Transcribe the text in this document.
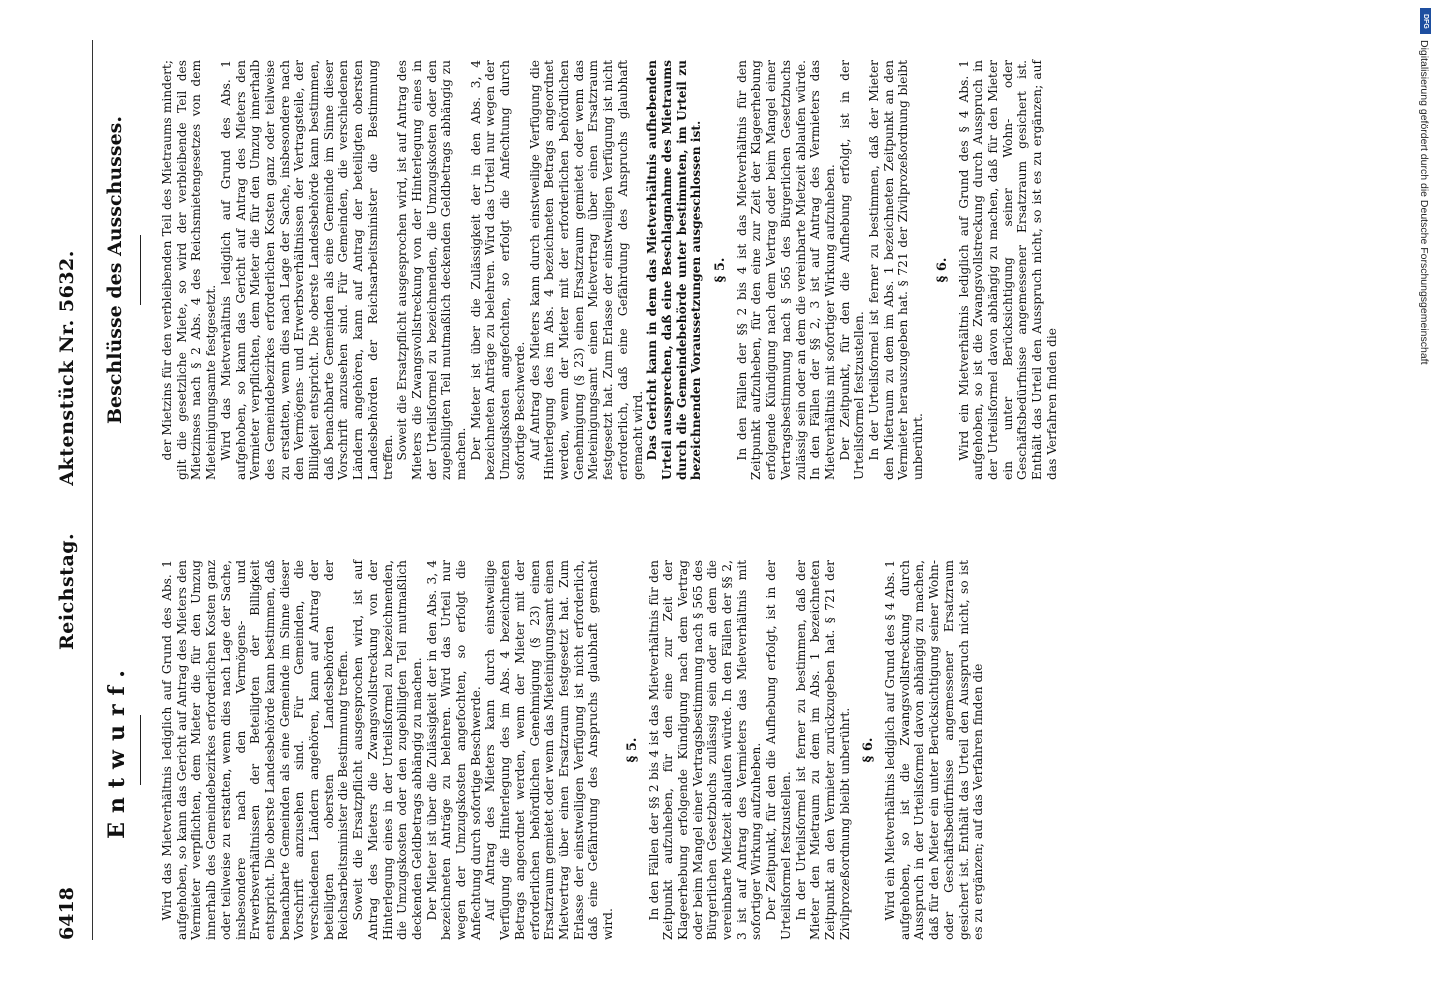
6418
Reichstag. Aktenstück Nr. 5632.
Entwurf. Wird das Mietverhältnis lediglich auf Grund des Abs. 1 aufgehoben, so kann das Gericht auf Antrag des Mieters den Vermieter verpflichten, dem Mieter die für den Umzug innerhalb des Gemeindebezirkes erforderlichen Kosten ganz oder teilweise zu erstatten, wenn dies nach Lage der Sache, insbesondere nach den Vermögens- und Erwerbsverhältnissen der Beteiligten der Billigkeit entspricht. Die oberste Landesbehörde kann bestimmen, daß benachbarte Gemeinden als eine Gemeinde im Sinne dieser Vorschrift anzusehen sind. Für Gemeinden, die verschiedenen Ländern angehören, kann auf Antrag der beteiligten obersten Landesbehörden der Reichsarbeitsminister die Bestimmung treffen. Soweit die Ersatzpflicht ausgesprochen wird, ist auf Antrag des Mieters die Zwangsvollstreckung von der Hinterlegung eines in der Urteilsformel zu bezeichnenden, die Umzugskosten oder den zugebilligten Teil mutmaßlich deckenden Geldbetrags abhängig zu machen. Der Mieter ist über die Zulässigkeit der in den Abs. 3, 4 bezeichneten Anträge zu belehren. Wird das Urteil nur wegen der Umzugskosten angefochten, so erfolgt die Anfechtung durch sofortige Beschwerde. Auf Antrag des Mieters kann durch einstweilige Verfügung die Hinterlegung des im Abs. 4 bezeichneten Betrags angeordnet werden, wenn der Mieter mit der erforderlichen behördlichen Genehmigung (§ 23) einen Ersatzraum gemietet oder wenn das Mieteinigungsamt einen Mietvertrag über einen Ersatzraum festgesetzt hat. Zum Erlasse der einstweiligen Verfügung ist nicht erforderlich, daß eine Gefährdung des Anspruchs glaubhaft gemacht wird.

§ 5. In den Fällen der §§ 2 bis 4 ist das Mietverhältnis für den Zeitpunkt aufzuheben, für den eine zur Zeit der Klageerhebung erfolgende Kündigung nach dem Vertrag oder beim Mangel einer Vertragsbestimmung nach § 565 des Bürgerlichen Gesetzbuchs zulässig sein oder an dem die vereinbarte Mietzeit ablaufen würde. In den Fällen der §§ 2, 3 ist auf Antrag des Vermieters das Mietverhältnis mit sofortiger Wirkung aufzuheben. Der Zeitpunkt, für den die Aufhebung erfolgt, ist in der Urteilsformel festzustellen. In der Urteilsformel ist ferner zu bestimmen, daß der Mieter den Mietraum zu dem im Abs. 1 bezeichneten Zeitpunkt an den Vermieter zurückzugeben hat. § 721 der Zivilprozeßordnung bleibt unberührt. § 6. Wird ein Mietverhältnis lediglich auf Grund des § 4 Abs. 1 aufgehoben, so ist die Zwangsvollstreckung durch Ausspruch in der Urteilsformel davon abhängig zu machen, daß für den Mieter ein unter Berücksichtigung seiner Wohn- oder Geschäftsbedürfnisse angemessener Ersatzraum gesichert ist. Enthält das Urteil den Ausspruch nicht, so ist es zu ergänzen; auf das Verfahren finden die

Beschlüsse des Ausschusses.	der Mietzins für den verbleibenden Teil des Mietraums mindert; gilt die gesetzliche Miete, so wird der verbleibende Teil des Mietzinses nach § 2 Abs. 4 des Reichsmietengesetzes von dem Mieteinigungsamte festgesetzt. Wird das Mietverhältnis lediglich auf Grund des Abs. 1 aufgehoben, so kann das Gericht auf Antrag des Mieters den Vermieter verpflichten, dem Mieter die für den Umzug innerhalb des Gemeindebezirkes erforderlichen Kosten ganz oder teilweise zu erstatten, wenn dies nach Lage der Sache, insbesondere nach den Vermögens- und Erwerbsverhältnissen der Vertragsteile, der Billigkeit entspricht. Die oberste Landesbehörde kann bestimmen, daß benachbarte Gemeinden als eine Gemeinde im Sinne dieser Vorschrift anzusehen sind. Für Gemeinden, die verschiedenen Ländern angehören, kann auf Antrag der beteiligten obersten Landesbehörden der Reichsarbeitsminister die Bestimmung treffen. Soweit die Ersatzpflicht ausgesprochen wird, ist auf Antrag des Mieters die Zwangsvollstreckung von der Hinterlegung eines in der Urteilsformel zu bezeichnenden, die Umzugskosten oder den zugebilligten Teil mutmaßlich deckenden Geldbetrags abhängig zu machen. Der Mieter ist über die Zulässigkeit der in den Abs. 3, 4 bezeichneten Anträge zu belehren. Wird das Urteil nur wegen der Umzugskosten angefochten, so erfolgt die Anfechtung durch sofortige Beschwerde. Auf Antrag des Mieters kann durch einstweilige Verfügung die Hinterlegung des im Abs. 4 bezeichneten Betrags angeordnet werden, wenn der Mieter mit der erforderlichen behördlichen Genehmigung (§ 23) einen Ersatzraum gemietet oder wenn das Mieteinigungsamt einen Mietvertrag über einen Ersatzraum festgesetzt hat. Zum Erlasse der einstweiligen Verfügung ist nicht erforderlich, daß eine Gefährdung des Anspruchs glaubhaft gemacht wird. Das Gericht kann in dem das Mietverhältnis aufhebenden Urteil aussprechen, daß eine Beschlagnahme des Mietraums durch die Gemeindebehörde unter bestimmten, im Urteil zu bezeichnenden Voraussetzungen ausgeschlossen ist. § 5. In den Fällen der §§ 2 bis 4 ist das Mietverhältnis für den Zeitpunkt aufzuheben, für den eine zur Zeit der Klageerhebung erfolgende Kündigung nach dem Vertrag oder beim Mangel einer Vertragsbestimmung nach § 565 des Bürgerlichen Gesetzbuchs zulässig sein oder an dem die vereinbarte Mietzeit ablaufen würde. In den Fällen der §§ 2, 3 ist auf Antrag des Vermieters das Mietverhältnis mit sofortiger Wirkung aufzuheben. Der Zeitpunkt, für den die Aufhebung erfolgt, ist in der Urteilsformel festzustellen. In der Urteilsformel ist ferner zu bestimmen, daß der Mieter den Mietraum zu dem im Abs. 1 bezeichneten Zeitpunkt an den Vermieter herauszugeben hat. § 721 der Zivilprozeßordnung bleibt unberührt.

§ 6. Wird ein Mietverhältnis lediglich auf Grund des § 4 Abs. 1 aufgehoben, so ist die Zwangsvollstreckung durch Ausspruch in der Urteilsformel davon abhängig zu machen, daß für den Mieter ein unter Berücksichtigung seiner Wohn- oder Geschäftsbedürfnisse angemessener Ersatzraum gesichert ist. Enthält das Urteil den Ausspruch nicht, so ist es zu ergänzen; auf das Verfahren finden die

DFG
Digitalisierung gefördert durch die Deutsche Forschungsgemeinschaft
